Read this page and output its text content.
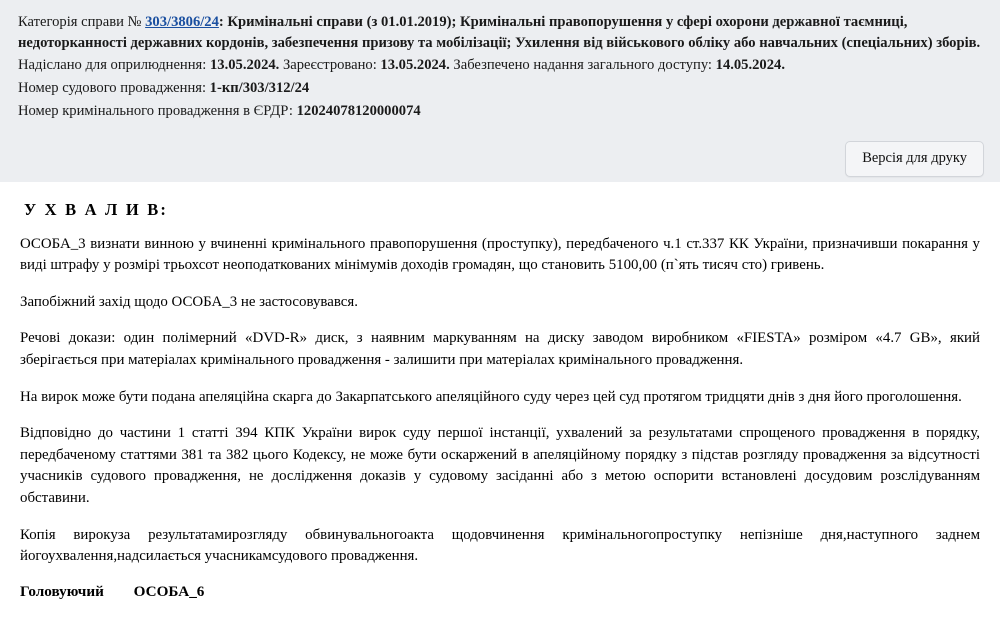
Категорія справи № 303/3806/24: Кримінальні справи (з 01.01.2019); Кримінальні правопорушення у сфері охорони державної таємниці, недоторканності державних кордонів, забезпечення призову та мобілізації; Ухилення від військового обліку або навчальних (спеціальних) зборів.
Надіслано для оприлюднення: 13.05.2024. Зареєстровано: 13.05.2024. Забезпечено надання загального доступу: 14.05.2024.
Номер судового провадження: 1-кп/303/312/24
Номер кримінального провадження в ЄРДР: 12024078120000074
Версія для друку
У Х В А Л И В:

ОСОБА_3 визнати винною у вчиненні кримінального правопорушення (проступку), передбаченого ч.1 ст.337 КК України, призначивши покарання у виді штрафу у розмірі трьохсот неоподаткованих мінімумів доходів громадян, що становить 5100,00 (п`ять тисяч сто) гривень.

Запобіжний захід щодо ОСОБА_3 не застосовувався.

Речові докази: один полімерний «DVD-R» диск, з наявним маркуванням на диску заводом виробником «FIESTA» розміром «4.7 GB», який зберігається при матеріалах кримінального провадження - залишити при матеріалах кримінального провадження.

На вирок може бути подана апеляційна скарга до Закарпатського апеляційного суду через цей суд протягом тридцяти днів з дня його проголошення.

Відповідно до частини 1 статті 394 КПК України вирок суду першої інстанції, ухвалений за результатами спрощеного провадження в порядку, передбаченому статтями 381 та 382 цього Кодексу, не може бути оскаржений в апеляційному порядку з підстав розгляду провадження за відсутності учасників судового провадження, не дослідження доказів у судовому засіданні або з метою оспорити встановлені досудовим розслідуванням обставини.

Копія вирокуза результатамирозгляду обвинувальногоакта щодовчинення кримінальногопроступку непізніше дня,наступного заднем йогоухвалення,надсилається учасникамсудового провадження.

Головуючий ОСОБА_6
